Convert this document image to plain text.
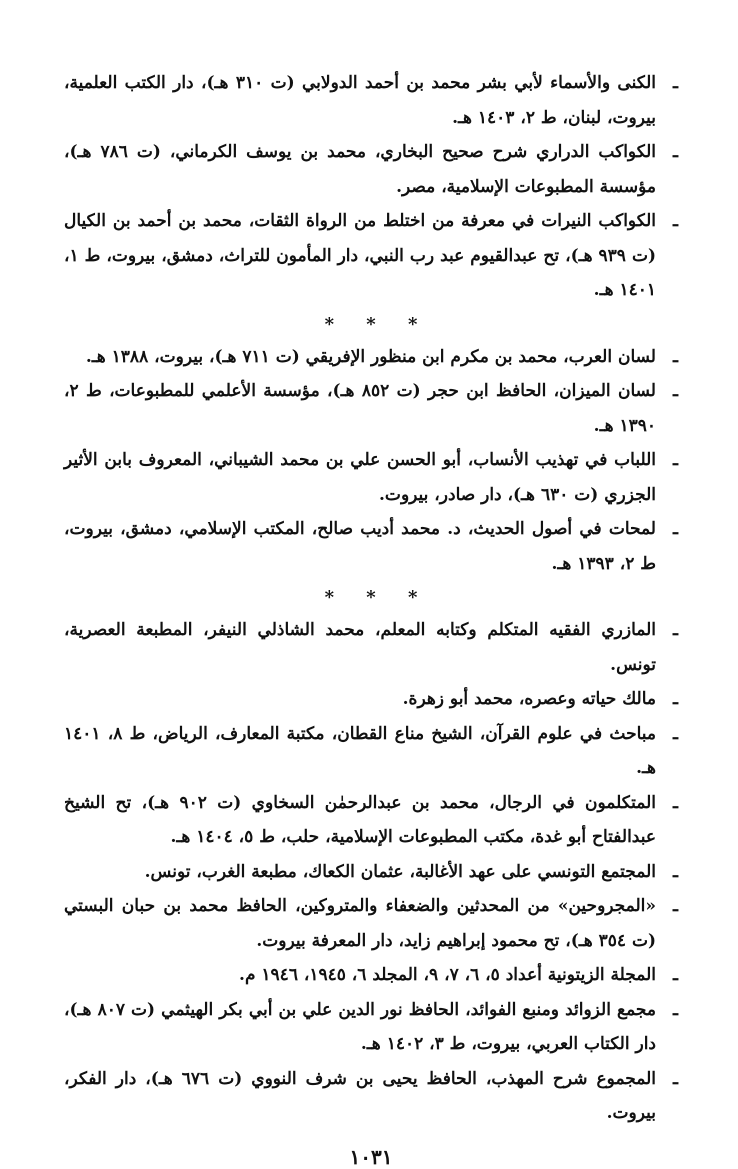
ـ
الكنى والأسماء لأبي بشر محمد بن أحمد الدولابي (ت ٣١٠ هـ)، دار الكتب العلمية، بيروت، لبنان، ط ٢، ١٤٠٣ هـ.

ـ
الكواكب الدراري شرح صحيح البخاري، محمد بن يوسف الكرماني، (ت ٧٨٦ هـ)، مؤسسة المطبوعات الإسلامية، مصر.

ـ
الكواكب النيرات في معرفة من اختلط من الرواة الثقات، محمد بن أحمد بن الكيال (ت ٩٣٩ هـ)، تح عبدالقيوم عبد رب النبي، دار المأمون للتراث، دمشق، بيروت، ط ١، ١٤٠١ هـ.

* * *

ـ
لسان العرب، محمد بن مكرم ابن منظور الإفريقي (ت ٧١١ هـ)، بيروت، ١٣٨٨ هـ.

ـ
لسان الميزان، الحافظ ابن حجر (ت ٨٥٢ هـ)، مؤسسة الأعلمي للمطبوعات، ط ٢، ١٣٩٠ هـ.

ـ
اللباب في تهذيب الأنساب، أبو الحسن علي بن محمد الشيباني، المعروف بابن الأثير الجزري (ت ٦٣٠ هـ)، دار صادر، بيروت.

ـ
لمحات في أصول الحديث، د. محمد أديب صالح، المكتب الإسلامي، دمشق، بيروت، ط ٢، ١٣٩٣ هـ.

* * *

ـ
المازري الفقيه المتكلم وكتابه المعلم، محمد الشاذلي النيفر، المطبعة العصرية، تونس.

ـ
مالك حياته وعصره، محمد أبو زهرة.

ـ
مباحث في علوم القرآن، الشيخ مناع القطان، مكتبة المعارف، الرياض، ط ٨، ١٤٠١ هـ.

ـ
المتكلمون في الرجال، محمد بن عبدالرحمٰن السخاوي (ت ٩٠٢ هـ)، تح الشيخ عبدالفتاح أبو غدة، مكتب المطبوعات الإسلامية، حلب، ط ٥، ١٤٠٤ هـ.

ـ
المجتمع التونسي على عهد الأغالبة، عثمان الكعاك، مطبعة الغرب، تونس.

ـ
«المجروحين» من المحدثين والضعفاء والمتروكين، الحافظ محمد بن حبان البستي (ت ٣٥٤ هـ)، تح محمود إبراهيم زايد، دار المعرفة بيروت.

ـ
المجلة الزيتونية أعداد ٥، ٦، ٧، ٩، المجلد ٦، ١٩٤٥، ١٩٤٦ م.

ـ
مجمع الزوائد ومنبع الفوائد، الحافظ نور الدين علي بن أبي بكر الهيثمي (ت ٨٠٧ هـ)، دار الكتاب العربي، بيروت، ط ٣، ١٤٠٢ هـ.

ـ
المجموع شرح المهذب، الحافظ يحيى بن شرف النووي (ت ٦٧٦ هـ)، دار الفكر، بيروت.

١٠٣١
